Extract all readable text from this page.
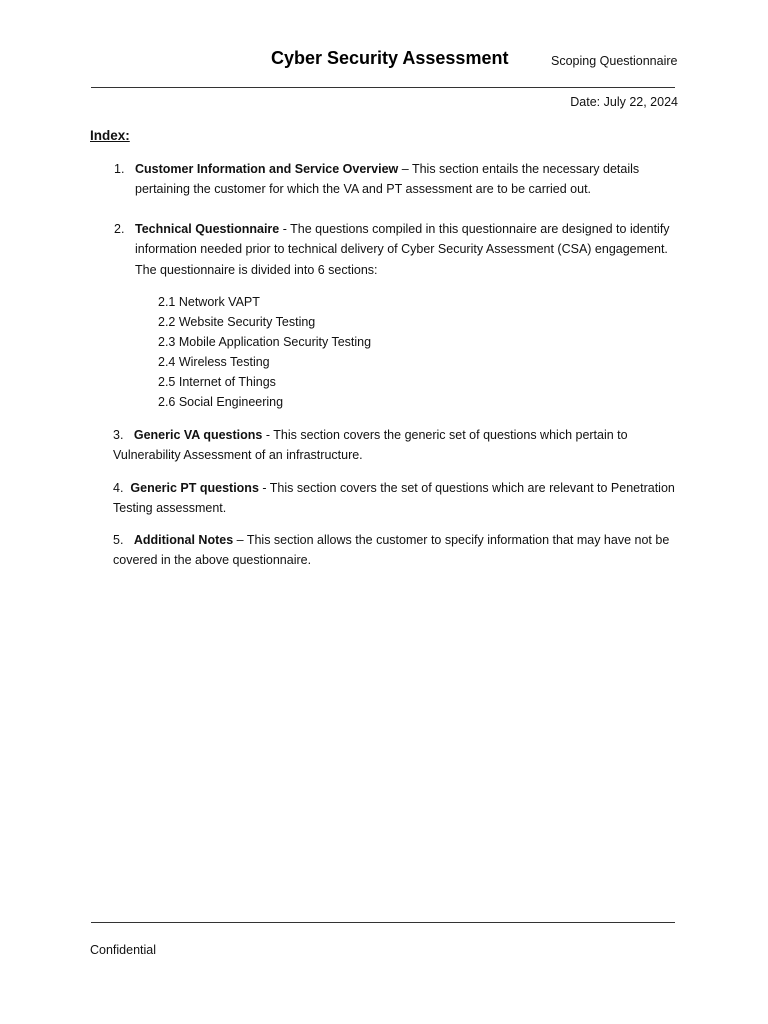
Cyber Security Assessment	Scoping Questionnaire
Date: July 22, 2024
Index:
1. Customer Information and Service Overview – This section entails the necessary details pertaining the customer for which the VA and PT assessment are to be carried out.
2. Technical Questionnaire - The questions compiled in this questionnaire are designed to identify information needed prior to technical delivery of Cyber Security Assessment (CSA) engagement. The questionnaire is divided into 6 sections:
2.1 Network VAPT
2.2 Website Security Testing
2.3 Mobile Application Security Testing
2.4 Wireless Testing
2.5 Internet of Things
2.6 Social Engineering
3. Generic VA questions - This section covers the generic set of questions which pertain to Vulnerability Assessment of an infrastructure.
4. Generic PT questions - This section covers the set of questions which are relevant to Penetration Testing assessment.
5. Additional Notes – This section allows the customer to specify information that may have not be covered in the above questionnaire.
Confidential
